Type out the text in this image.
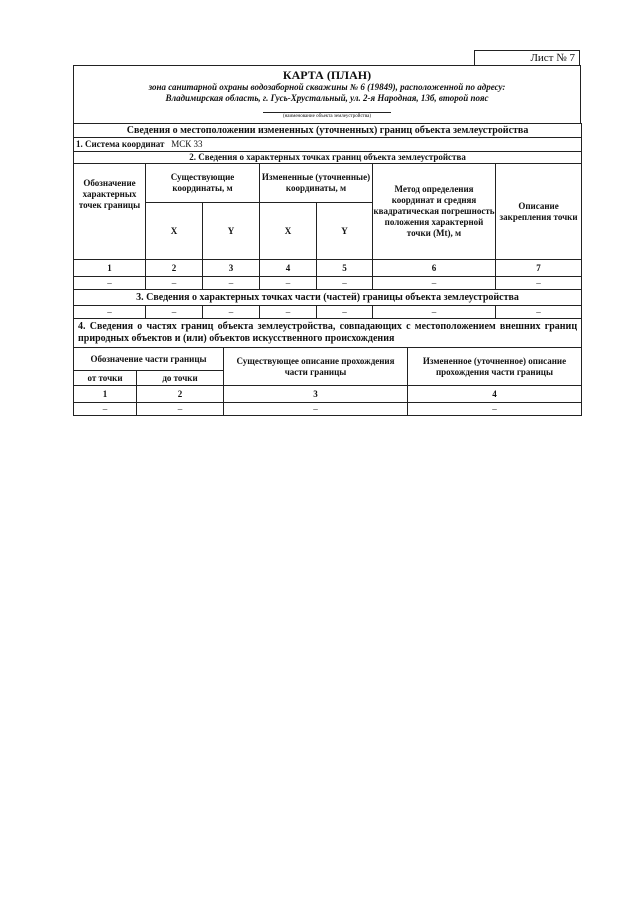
Лист № 7
КАРТА (ПЛАН)
зона санитарной охраны водозаборной скважины № 6 (19849), расположенной по адресу:
Владимирская область, г. Гусь-Хрустальный, ул. 2-я Народная, 13б, второй пояс
(наименование объекта землеустройства)
Сведения о местоположении измененных (уточненных) границ объекта землеустройства						
1. Система координат МСК 33						
2. Сведения о характерных точках границ объекта землеустройства						
Обозначение характерных точек границы	Существующие координаты, м		Измененные (уточненные) координаты, м		Метод определения координат и средняя квадратическая погрешность положения характерной точки (Mt), м	Описание закрепления точки
	X	Y	X	Y		
1	2	3	4	5	6	7
–	–	–	–	–	–	–
3. Сведения о характерных точках части (частей) границы объекта землеустройства						
–	–	–	–	–	–	–
4. Сведения о частях границ объекта землеустройства, совпадающих с местоположением внешних границ природных объектов и (или) объектов искусственного происхождения						
Обозначение части границы		Существующее описание прохождения части границы	Измененное (уточненное) описание прохождения части границы
от точки	до точки		
1	2	3	4
–	–	–	–
